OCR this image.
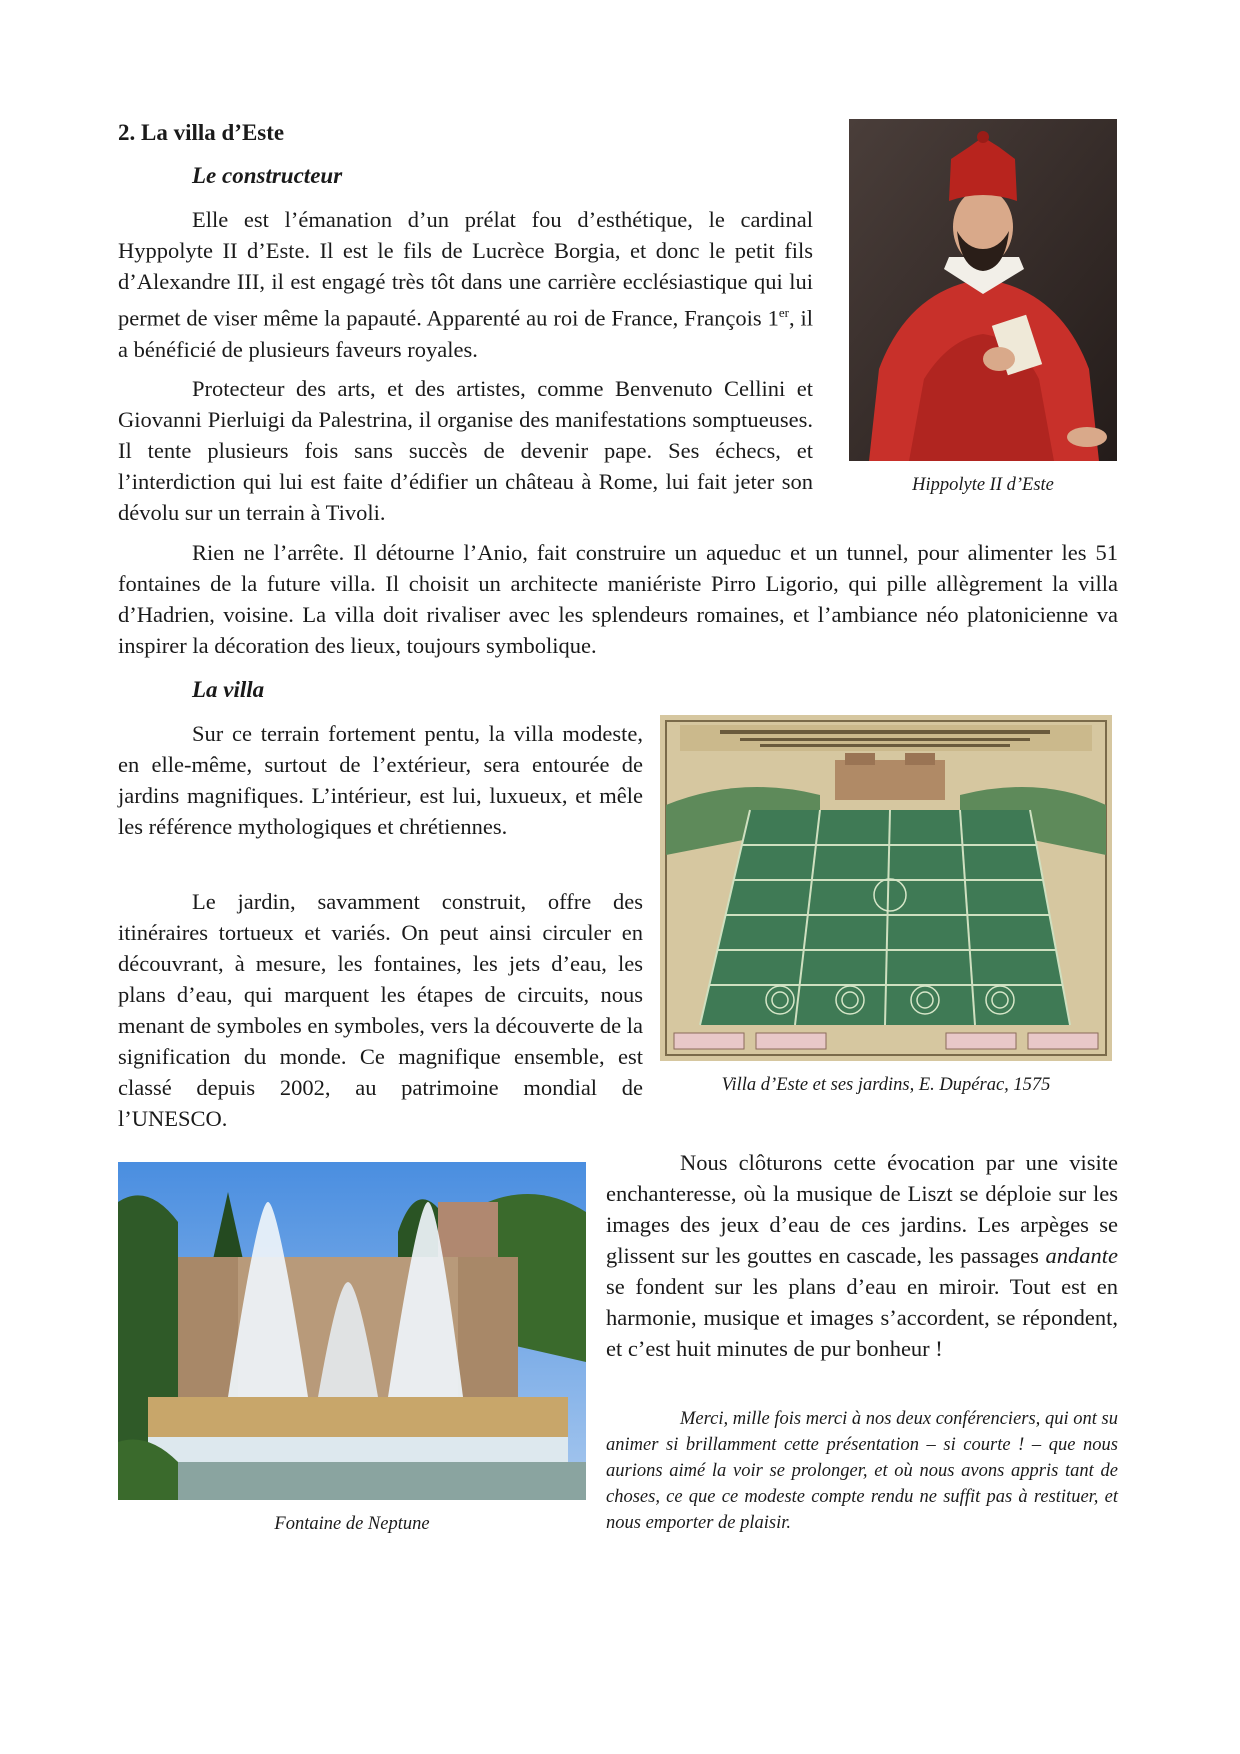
2. La villa d’Este

Le constructeur

Elle est l’émanation d’un prélat fou d’esthétique, le cardinal Hyppolyte II d’Este. Il est le fils de Lucrèce Borgia, et donc le petit fils d’Alexandre III, il est engagé très tôt dans une carrière ecclésiastique qui lui permet de viser même la papauté. Apparenté au roi de France, François 1er, il a bénéficié de plusieurs faveurs royales.

Protecteur des arts, et des artistes, comme Benvenuto Cellini et Giovanni Pierluigi da Palestrina, il organise des manifestations somptueuses. Il tente plusieurs fois sans succès de devenir pape. Ses échecs, et l’interdiction qui lui est faite d’édifier un château à Rome, lui fait jeter son dévolu sur un terrain à Tivoli.

Hippolyte II d’Este

Rien ne l’arrête. Il détourne l’Anio, fait construire un aqueduc et un tunnel, pour alimenter les 51 fontaines de la future villa. Il choisit un architecte maniériste Pirro Ligorio, qui pille allègrement la villa d’Hadrien, voisine. La villa doit rivaliser avec les splendeurs romaines, et l’ambiance néo platonicienne va inspirer la décoration des lieux, toujours symbolique.

La villa

Sur ce terrain fortement pentu, la villa modeste, en elle-même, surtout de l’extérieur, sera entourée de jardins magnifiques. L’intérieur, est lui, luxueux, et mêle les référence mythologiques et chrétiennes.

Le jardin, savamment construit, offre des itinéraires tortueux et variés. On peut ainsi circuler en découvrant, à mesure, les fontaines, les jets d’eau, les plans d’eau, qui marquent les étapes de circuits, nous menant de symboles en symboles, vers la découverte de la signification du monde. Ce magnifique ensemble, est classé depuis 2002, au patrimoine mondial de l’UNESCO.

Villa d’Este et ses jardins, E. Dupérac, 1575

Fontaine de Neptune

Nous clôturons cette évocation par une visite enchanteresse, où la musique de Liszt se déploie sur les images des jeux d’eau de ces jardins. Les arpèges se glissent sur les gouttes en cascade, les passages andante se fondent sur les plans d’eau en miroir. Tout est en harmonie, musique et images s’accordent, se répondent, et c’est huit minutes de pur bonheur !

Merci, mille fois merci à nos deux conférenciers, qui ont su animer si brillamment cette présentation – si courte ! – que nous aurions aimé la voir se prolonger, et où nous avons appris tant de choses, ce que ce modeste compte rendu ne suffit pas à restituer, et nous emporter de plaisir.
